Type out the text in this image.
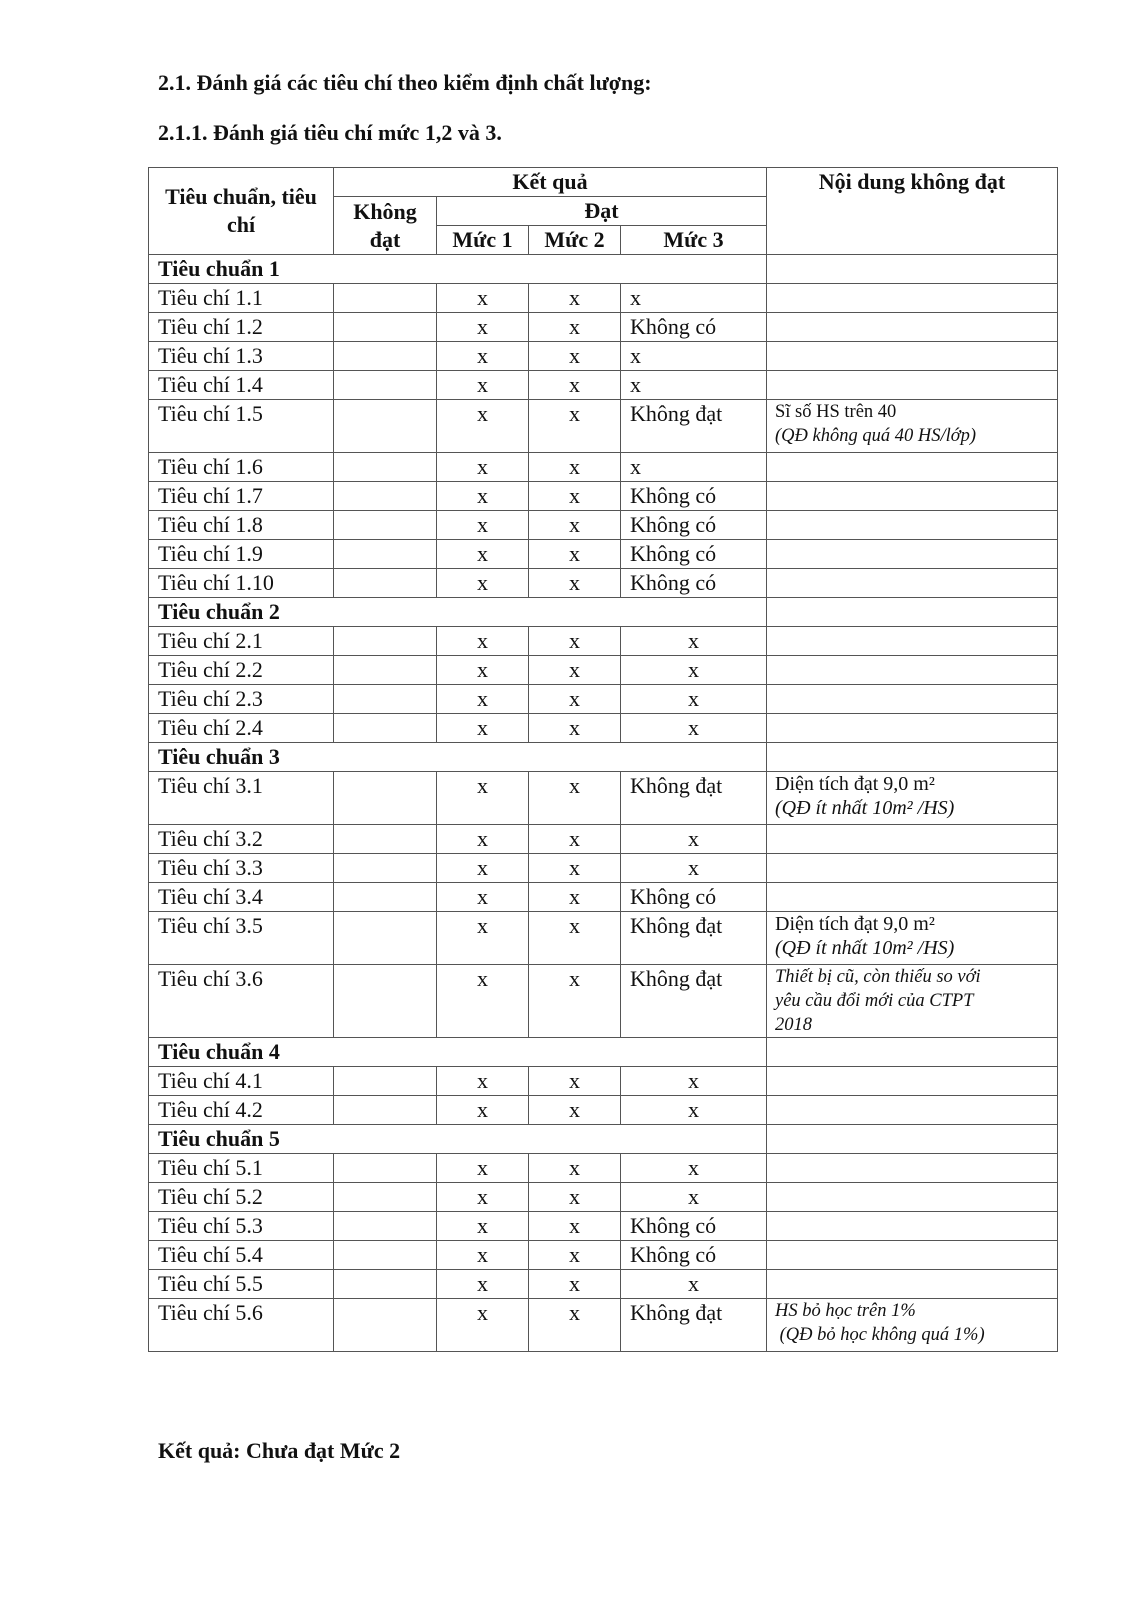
2.1. Đánh giá các tiêu chí theo kiểm định chất lượng:
2.1.1. Đánh giá tiêu chí mức 1,2 và 3.
Tiêu chuẩn, tiêu chí	Kết quả				Nội dung không đạt
	Không đạt	Đạt			
		Mức 1	Mức 2	Mức 3	
Tiêu chuẩn 1					
Tiêu chí 1.1		x	x	x	
Tiêu chí 1.2		x	x	Không có	
Tiêu chí 1.3		x	x	x	
Tiêu chí 1.4		x	x	x	
Tiêu chí 1.5		x	x	Không đạt	Sĩ số HS trên 40
(QĐ không quá 40 HS/lớp)

Tiêu chí 1.6		x	x	x	
Tiêu chí 1.7		x	x	Không có	
Tiêu chí 1.8		x	x	Không có	
Tiêu chí 1.9		x	x	Không có	
Tiêu chí 1.10		x	x	Không có	
Tiêu chuẩn 2					
Tiêu chí 2.1		x	x	x	
Tiêu chí 2.2		x	x	x	
Tiêu chí 2.3		x	x	x	
Tiêu chí 2.4		x	x	x	
Tiêu chuẩn 3					
Tiêu chí 3.1		x	x	Không đạt	Diện tích đạt 9,0 m²
(QĐ ít nhất 10m² /HS)

Tiêu chí 3.2		x	x	x	
Tiêu chí 3.3		x	x	x	
Tiêu chí 3.4		x	x	Không có	
Tiêu chí 3.5		x	x	Không đạt	Diện tích đạt 9,0 m²
(QĐ ít nhất 10m² /HS)

Tiêu chí 3.6		x	x	Không đạt	Thiết bị cũ, còn thiếu so với
yêu cầu đổi mới của CTPT
2018

Tiêu chuẩn 4					
Tiêu chí 4.1		x	x	x	
Tiêu chí 4.2		x	x	x	
Tiêu chuẩn 5					
Tiêu chí 5.1		x	x	x	
Tiêu chí 5.2		x	x	x	
Tiêu chí 5.3		x	x	Không có	
Tiêu chí 5.4		x	x	Không có	
Tiêu chí 5.5		x	x	x	
Tiêu chí 5.6		x	x	Không đạt	HS bỏ học trên 1%
(QĐ bỏ học không quá 1%)
Kết quả: Chưa đạt Mức 2
